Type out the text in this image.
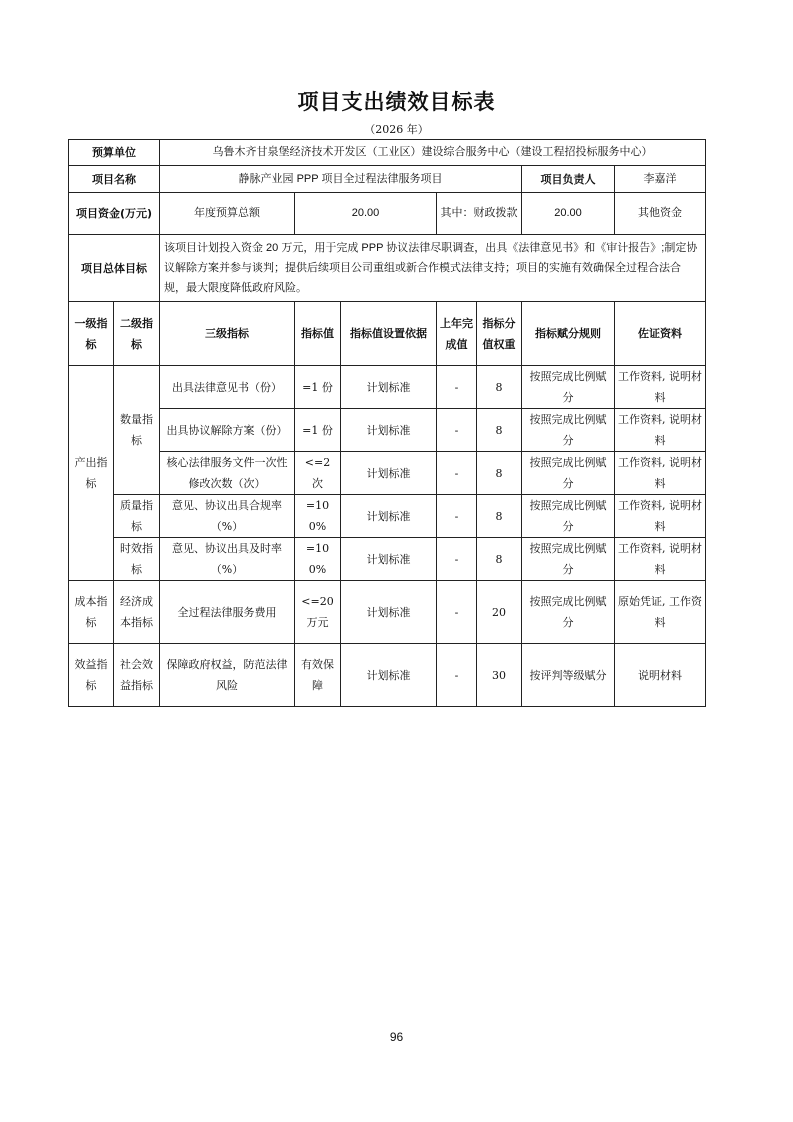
项目支出绩效目标表
（2026 年）
预算单位		乌鲁木齐甘泉堡经济技术开发区（工业区）建设综合服务中心（建设工程招投标服务中心）						
项目名称		静脉产业园 PPP 项目全过程法律服务项目					项目负责人	李嘉洋
项目资金(万元)		年度预算总额	20.00		其中：财政拨款		20.00	其他资金
项目总体目标		该项目计划投入资金 20 万元，用于完成 PPP 协议法律尽职调查，出具《法律意见书》和《审计报告》;制定协议解除方案并参与谈判；提供后续项目公司重组或新合作模式法律支持；项目的实施有效确保全过程合法合规，最大限度降低政府风险。						
一级指标	二级指标	三级指标	指标值	指标值设置依据	上年完成值	指标分值权重	指标赋分规则	佐证资料
产出指标	数量指标	出具法律意见书（份）	=1 份	计划标准	-	8	按照完成比例赋分	工作资料, 说明材料
		出具协议解除方案（份）	=1 份	计划标准	-	8	按照完成比例赋分	工作资料, 说明材料
		核心法律服务文件一次性修改次数（次）	<=2 次	计划标准	-	8	按照完成比例赋分	工作资料, 说明材料
	质量指标	意见、协议出具合规率（%）	=100%	计划标准	-	8	按照完成比例赋分	工作资料, 说明材料
	时效指标	意见、协议出具及时率（%）	=100%	计划标准	-	8	按照完成比例赋分	工作资料, 说明材料
成本指标	经济成本指标	全过程法律服务费用	<=20 万元	计划标准	-	20	按照完成比例赋分	原始凭证, 工作资料
效益指标	社会效益指标	保障政府权益，防范法律风险	有效保障	计划标准	-	30	按评判等级赋分	说明材料
96
